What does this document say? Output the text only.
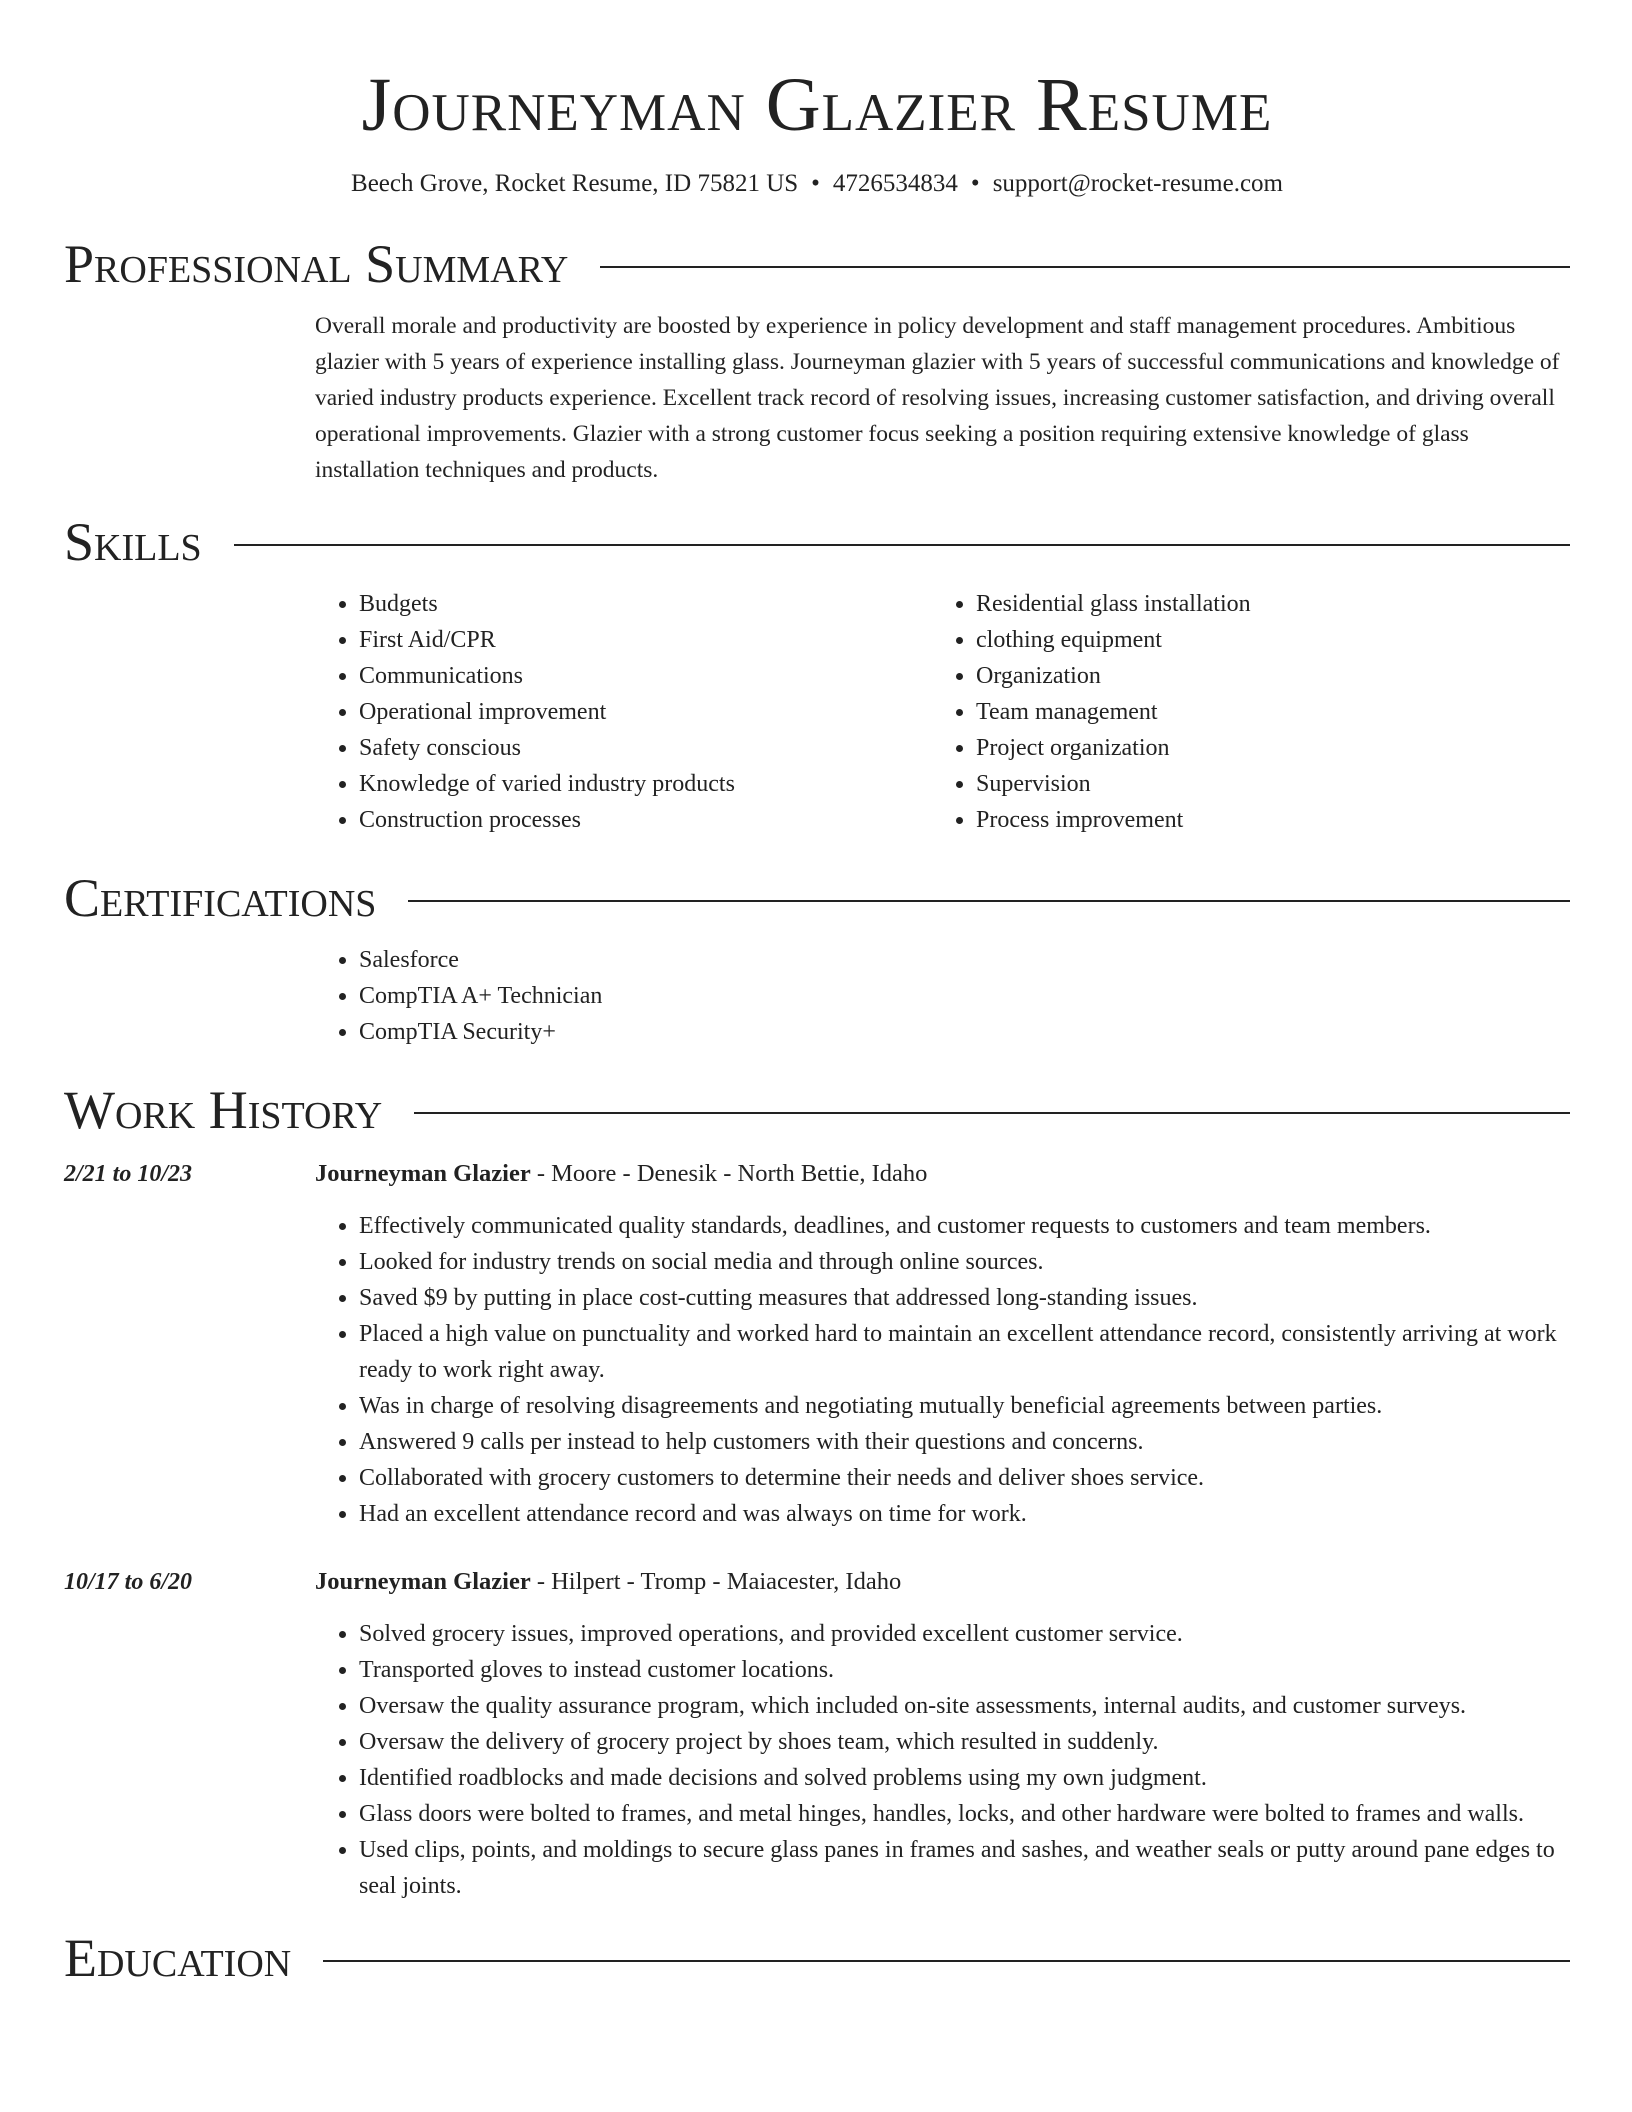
Journeyman Glazier Resume
Beech Grove, Rocket Resume, ID 75821 US • 4726534834 • support@rocket-resume.com
Professional Summary

Overall morale and productivity are boosted by experience in policy development and staff management procedures. Ambitious glazier with 5 years of experience installing glass. Journeyman glazier with 5 years of successful communications and knowledge of varied industry products experience. Excellent track record of resolving issues, increasing customer satisfaction, and driving overall operational improvements. Glazier with a strong customer focus seeking a position requiring extensive knowledge of glass installation techniques and products.

Skills
• Budgets
• First Aid/CPR
• Communications
• Operational improvement
• Safety conscious
• Knowledge of varied industry products
• Construction processes
• Residential glass installation
• clothing equipment
• Organization
• Team management
• Project organization
• Supervision
• Process improvement
Certifications
• Salesforce
• CompTIA A+ Technician
• CompTIA Security+
Work History
2/21 to 10/23	Journeyman Glazier - Moore - Denesik - North Bettie, Idaho
• Effectively communicated quality standards, deadlines, and customer requests to customers and team members.
• Looked for industry trends on social media and through online sources.
• Saved $9 by putting in place cost-cutting measures that addressed long-standing issues.
• Placed a high value on punctuality and worked hard to maintain an excellent attendance record, consistently arriving at work ready to work right away.
• Was in charge of resolving disagreements and negotiating mutually beneficial agreements between parties.
• Answered 9 calls per instead to help customers with their questions and concerns.
• Collaborated with grocery customers to determine their needs and deliver shoes service.
• Had an excellent attendance record and was always on time for work.
10/17 to 6/20	Journeyman Glazier - Hilpert - Tromp - Maiacester, Idaho
• Solved grocery issues, improved operations, and provided excellent customer service.
• Transported gloves to instead customer locations.
• Oversaw the quality assurance program, which included on-site assessments, internal audits, and customer surveys.
• Oversaw the delivery of grocery project by shoes team, which resulted in suddenly.
• Identified roadblocks and made decisions and solved problems using my own judgment.
• Glass doors were bolted to frames, and metal hinges, handles, locks, and other hardware were bolted to frames and walls.
• Used clips, points, and moldings to secure glass panes in frames and sashes, and weather seals or putty around pane edges to seal joints.
Education
